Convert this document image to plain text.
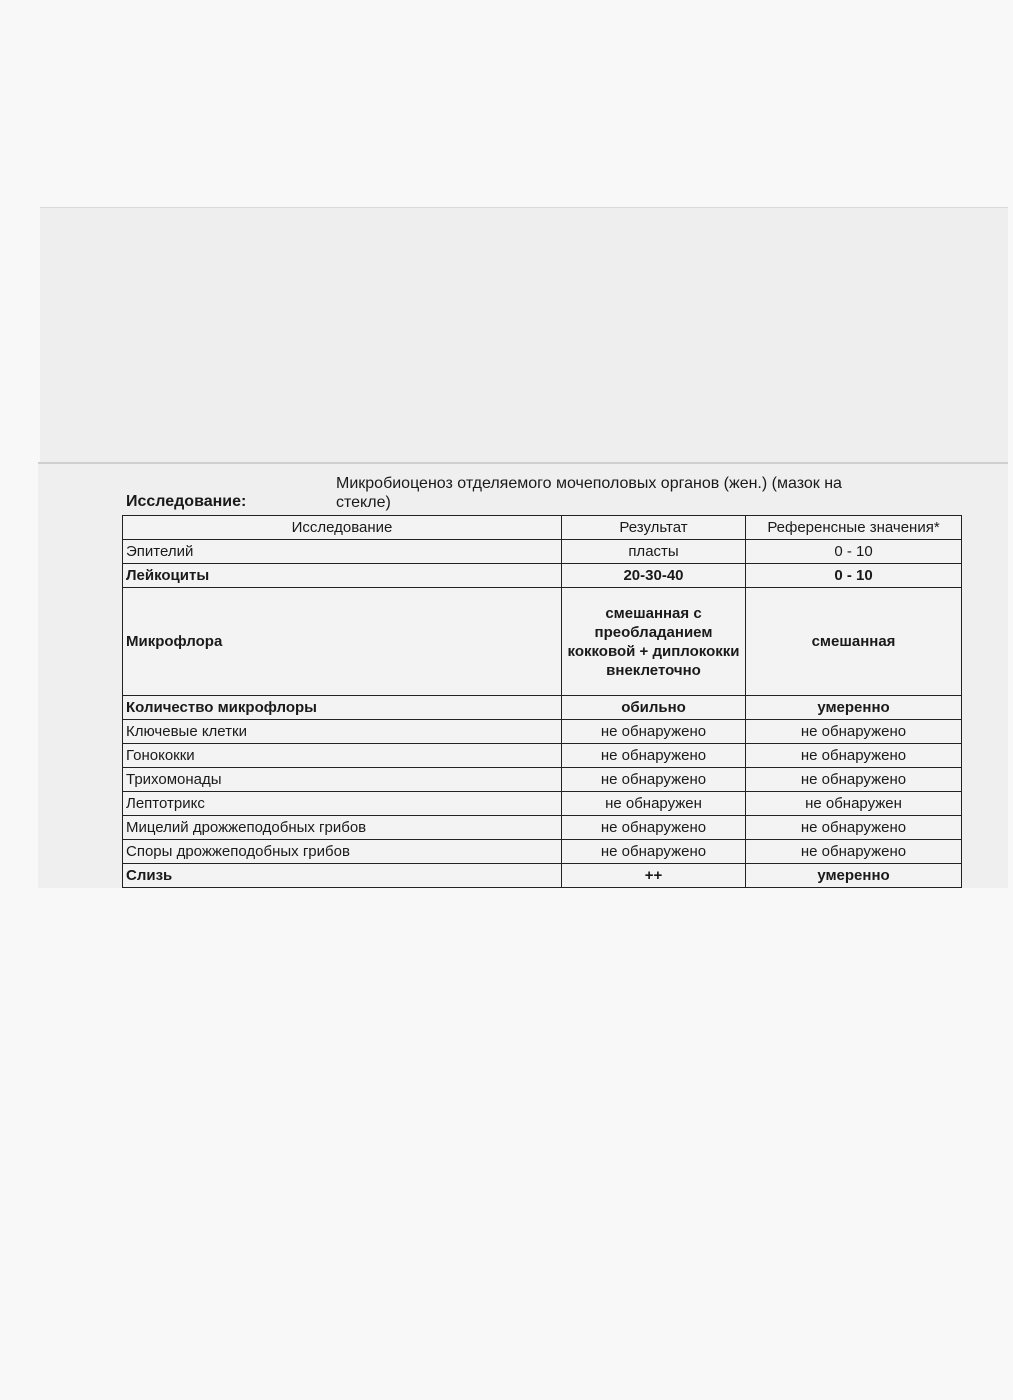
Исследование:
Микробиоценоз отделяемого мочеполовых органов (жен.) (мазок на стекле)
Исследование	Результат	Референсные значения*
Эпителий	пласты	0 - 10
Лейкоциты	20-30-40	0 - 10
Микрофлора	смешанная с преобладанием кокковой + диплококки внеклеточно	смешанная
Количество микрофлоры	обильно	умеренно
Ключевые клетки	не обнаружено	не обнаружено
Гонококки	не обнаружено	не обнаружено
Трихомонады	не обнаружено	не обнаружено
Лептотрикс	не обнаружен	не обнаружен
Мицелий дрожжеподобных грибов	не обнаружено	не обнаружено
Споры дрожжеподобных грибов	не обнаружено	не обнаружено
Слизь	++	умеренно
